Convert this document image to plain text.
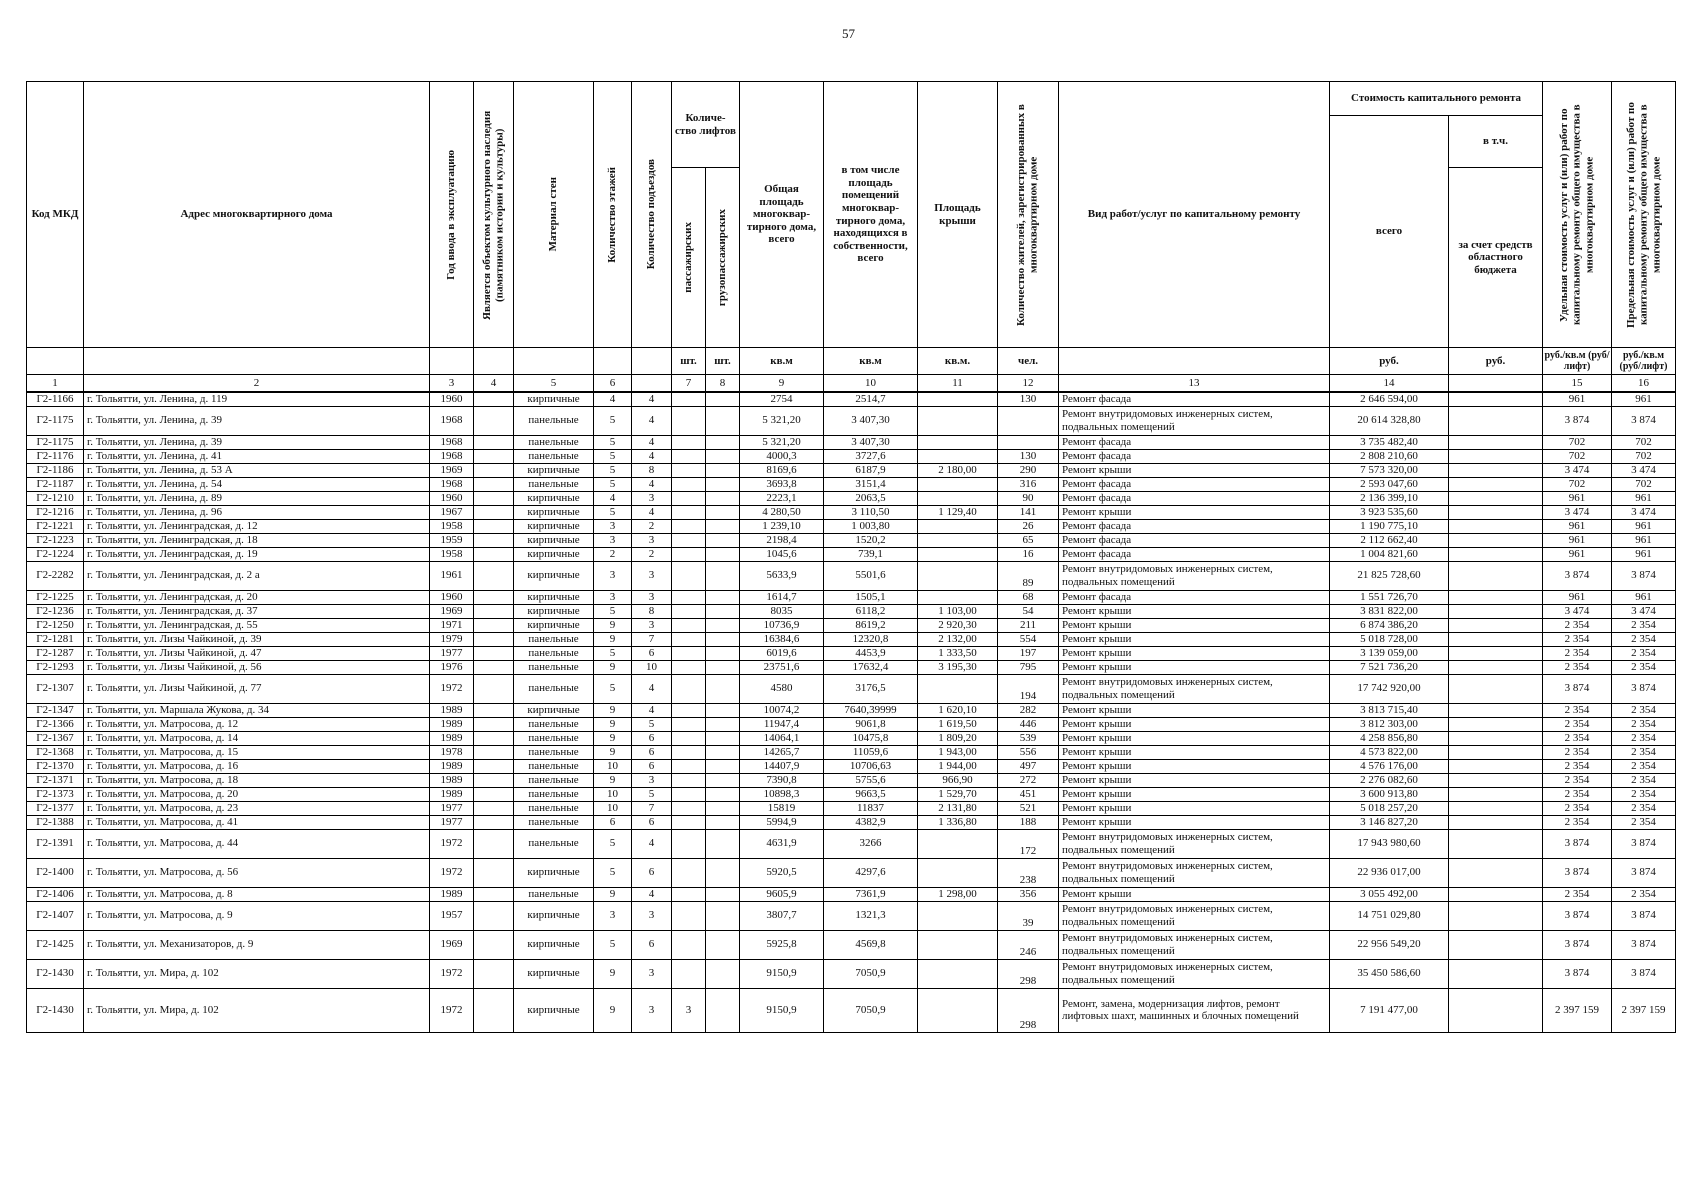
57
Код МКД	Адрес многоквартирного дома	Год ввода в эксплуатацию	Является объектом культурного наследия (памятником истории и культуры)	Материал стен	Количество этажей	Количество подъездов	Количе-ство лифтов		Общая площадь многоквар-тирного дома, всего	в том числе площадь помещений многоквар-тирного дома, находящихся в собственности, всего	Площадь крыши	Количество жителей, зарегистрированных в многоквартирном доме	Вид работ/услуг по капитальному ремонту	Стоимость капитального ремонта		Удельная стоимость услуг и (или) работ по капитальному ремонту общего имущества в многоквартирном доме	Предельная стоимость услуг и (или) работ по капитальному ремонту общего имущества в многоквартирном доме

														всего	в т.ч.		

							пассажирских	грузопассажирских							за счет средств областного бюджета		
							шт.	шт.	кв.м	кв.м	кв.м.	чел.		руб.	руб.	руб./кв.м (руб/лифт)	руб./кв.м (руб/лифт)
1	2	3	4	5	6		7	8	9	10	11	12	13	14		15	16
Г2-1166	г. Тольятти, ул. Ленина, д. 119	1960		кирпичные	4	4			2754	2514,7		130	Ремонт фасада	2 646 594,00		961	961
Г2-1175	г. Тольятти, ул. Ленина, д. 39	1968		панельные	5	4			5 321,20	3 407,30			Ремонт внутридомовых инженерных систем, подвальных помещений	20 614 328,80		3 874	3 874
Г2-1175	г. Тольятти, ул. Ленина, д. 39	1968		панельные	5	4			5 321,20	3 407,30			Ремонт фасада	3 735 482,40		702	702
Г2-1176	г. Тольятти, ул. Ленина, д. 41	1968		панельные	5	4			4000,3	3727,6		130	Ремонт фасада	2 808 210,60		702	702
Г2-1186	г. Тольятти, ул. Ленина, д. 53 А	1969		кирпичные	5	8			8169,6	6187,9	2 180,00	290	Ремонт крыши	7 573 320,00		3 474	3 474
Г2-1187	г. Тольятти, ул. Ленина, д. 54	1968		панельные	5	4			3693,8	3151,4		316	Ремонт фасада	2 593 047,60		702	702
Г2-1210	г. Тольятти, ул. Ленина, д. 89	1960		кирпичные	4	3			2223,1	2063,5		90	Ремонт фасада	2 136 399,10		961	961
Г2-1216	г. Тольятти, ул. Ленина, д. 96	1967		кирпичные	5	4			4 280,50	3 110,50	1 129,40	141	Ремонт крыши	3 923 535,60		3 474	3 474
Г2-1221	г. Тольятти, ул. Ленинградская, д. 12	1958		кирпичные	3	2			1 239,10	1 003,80		26	Ремонт фасада	1 190 775,10		961	961
Г2-1223	г. Тольятти, ул. Ленинградская, д. 18	1959		кирпичные	3	3			2198,4	1520,2		65	Ремонт фасада	2 112 662,40		961	961
Г2-1224	г. Тольятти, ул. Ленинградская, д. 19	1958		кирпичные	2	2			1045,6	739,1		16	Ремонт фасада	1 004 821,60		961	961
Г2-2282	г. Тольятти, ул. Ленинградская, д. 2 а	1961		кирпичные	3	3			5633,9	5501,6		89	Ремонт внутридомовых инженерных систем, подвальных помещений	21 825 728,60		3 874	3 874
Г2-1225	г. Тольятти, ул. Ленинградская, д. 20	1960		кирпичные	3	3			1614,7	1505,1		68	Ремонт фасада	1 551 726,70		961	961
Г2-1236	г. Тольятти, ул. Ленинградская, д. 37	1969		кирпичные	5	8			8035	6118,2	1 103,00	54	Ремонт крыши	3 831 822,00		3 474	3 474
Г2-1250	г. Тольятти, ул. Ленинградская, д. 55	1971		кирпичные	9	3			10736,9	8619,2	2 920,30	211	Ремонт крыши	6 874 386,20		2 354	2 354
Г2-1281	г. Тольятти, ул. Лизы Чайкиной, д. 39	1979		панельные	9	7			16384,6	12320,8	2 132,00	554	Ремонт крыши	5 018 728,00		2 354	2 354
Г2-1287	г. Тольятти, ул. Лизы Чайкиной, д. 47	1977		панельные	5	6			6019,6	4453,9	1 333,50	197	Ремонт крыши	3 139 059,00		2 354	2 354
Г2-1293	г. Тольятти, ул. Лизы Чайкиной, д. 56	1976		панельные	9	10			23751,6	17632,4	3 195,30	795	Ремонт крыши	7 521 736,20		2 354	2 354
Г2-1307	г. Тольятти, ул. Лизы Чайкиной, д. 77	1972		панельные	5	4			4580	3176,5		194	Ремонт внутридомовых инженерных систем, подвальных помещений	17 742 920,00		3 874	3 874
Г2-1347	г. Тольятти, ул. Маршала Жукова, д. 34	1989		кирпичные	9	4			10074,2	7640,39999	1 620,10	282	Ремонт крыши	3 813 715,40		2 354	2 354
Г2-1366	г. Тольятти, ул. Матросова, д. 12	1989		панельные	9	5			11947,4	9061,8	1 619,50	446	Ремонт крыши	3 812 303,00		2 354	2 354
Г2-1367	г. Тольятти, ул. Матросова, д. 14	1989		панельные	9	6			14064,1	10475,8	1 809,20	539	Ремонт крыши	4 258 856,80		2 354	2 354
Г2-1368	г. Тольятти, ул. Матросова, д. 15	1978		панельные	9	6			14265,7	11059,6	1 943,00	556	Ремонт крыши	4 573 822,00		2 354	2 354
Г2-1370	г. Тольятти, ул. Матросова, д. 16	1989		панельные	10	6			14407,9	10706,63	1 944,00	497	Ремонт крыши	4 576 176,00		2 354	2 354
Г2-1371	г. Тольятти, ул. Матросова, д. 18	1989		панельные	9	3			7390,8	5755,6	966,90	272	Ремонт крыши	2 276 082,60		2 354	2 354
Г2-1373	г. Тольятти, ул. Матросова, д. 20	1989		панельные	10	5			10898,3	9663,5	1 529,70	451	Ремонт крыши	3 600 913,80		2 354	2 354
Г2-1377	г. Тольятти, ул. Матросова, д. 23	1977		панельные	10	7			15819	11837	2 131,80	521	Ремонт крыши	5 018 257,20		2 354	2 354
Г2-1388	г. Тольятти, ул. Матросова, д. 41	1977		панельные	6	6			5994,9	4382,9	1 336,80	188	Ремонт крыши	3 146 827,20		2 354	2 354
Г2-1391	г. Тольятти, ул. Матросова, д. 44	1972		панельные	5	4			4631,9	3266		172	Ремонт внутридомовых инженерных систем, подвальных помещений	17 943 980,60		3 874	3 874
Г2-1400	г. Тольятти, ул. Матросова, д. 56	1972		кирпичные	5	6			5920,5	4297,6		238	Ремонт внутридомовых инженерных систем, подвальных помещений	22 936 017,00		3 874	3 874
Г2-1406	г. Тольятти, ул. Матросова, д. 8	1989		панельные	9	4			9605,9	7361,9	1 298,00	356	Ремонт крыши	3 055 492,00		2 354	2 354
Г2-1407	г. Тольятти, ул. Матросова, д. 9	1957		кирпичные	3	3			3807,7	1321,3		39	Ремонт внутридомовых инженерных систем, подвальных помещений	14 751 029,80		3 874	3 874
Г2-1425	г. Тольятти, ул. Механизаторов, д. 9	1969		кирпичные	5	6			5925,8	4569,8		246	Ремонт внутридомовых инженерных систем, подвальных помещений	22 956 549,20		3 874	3 874
Г2-1430	г. Тольятти, ул. Мира, д. 102	1972		кирпичные	9	3			9150,9	7050,9		298	Ремонт внутридомовых инженерных систем, подвальных помещений	35 450 586,60		3 874	3 874
Г2-1430	г. Тольятти, ул. Мира, д. 102	1972		кирпичные	9	3	3		9150,9	7050,9		298	Ремонт, замена, модернизация лифтов, ремонт лифтовых шахт, машинных и блочных помещений	7 191 477,00		2 397 159	2 397 159
